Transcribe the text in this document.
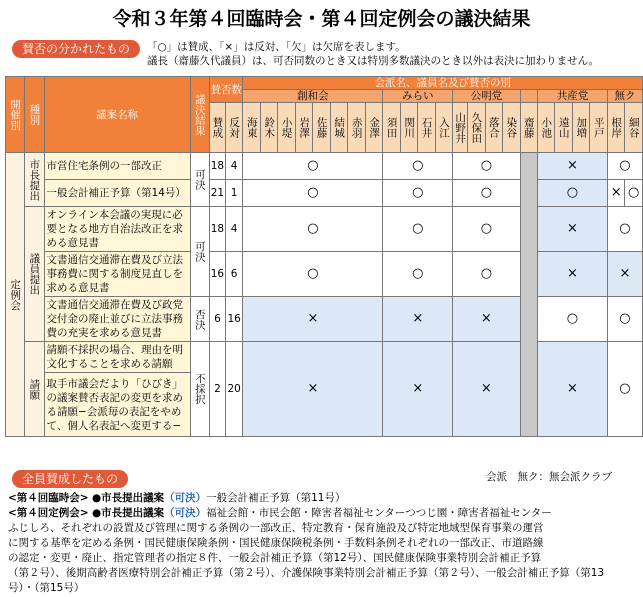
令和３年第４回臨時会・第４回定例会の議決結果
賛否の分かれたもの	「○」は賛成、「×」は反対、「欠」は欠席を表します。
議長（齋藤久代議員）は、可否同数のとき又は特別多数議決のとき以外は表決に加わりません。
開催別	種別	議案名称	議決結果	賛否数		会派名、議員名及び賛否の別																						
						創和会								みらい				公明党					共産党				無ク	
				賛成	反対	海東	鈴木	小堤	岩澤	佐藤	結城	赤羽	金澤	須田	関川	石井	入江	山野井	久保田	落合	染谷	齋藤	小池	遠山	加増	平戸	根岸	細谷
定例会	市長提出	市営住宅条例の一部改正	可決	18	4	○								○				○					×				○	
		一般会計補正予算（第14号）		21	1	○								○				○					○				×	○
	議員提出	オンライン本会議の実現に必要となる地方自治法改正を求める意見書	可決	18	4	○								○				○					×				○	
		文書通信交通滞在費及び立法事務費に関する制度見直しを求める意見書		16	6	○								○				○					×				×	
		文書通信交通滞在費及び政党交付金の廃止並びに立法事務費の充実を求める意見書	否決	6	16	×								×				×					○				○	
	請願	請願不採択の場合、理由を明文化することを求める請願	不採択	2	20	×								×				×					×				○	
		取手市議会だより「ひびき」の議案賛否表記の変更を求める請願−会派毎の表記をやめて、個人名表記へ変更する−																										
全員賛成したもの	会派　無ク：無会派クラブ
<第４回臨時会> ●市長提出議案（可決）一般会計補正予算（第11号）
<第４回定例会> ●市長提出議案（可決）福祉会館・市民会館・障害者福祉センターつつじ園・障害者福祉センター
ふじしろ、それぞれの設置及び管理に関する条例の一部改正、特定教育・保育施設及び特定地域型保育事業の運営
に関する基準を定める条例・国民健康保険条例・国民健康保険税条例・手数料条例それぞれの一部改正、市道路線
の認定・変更・廃止、指定管理者の指定８件、一般会計補正予算（第12号）、国民健康保険事業特別会計補正予算
（第２号）、後期高齢者医療特別会計補正予算（第２号）、介護保険事業特別会計補正予算（第２号）、一般会計補正予算（第13
号）・（第15号）
